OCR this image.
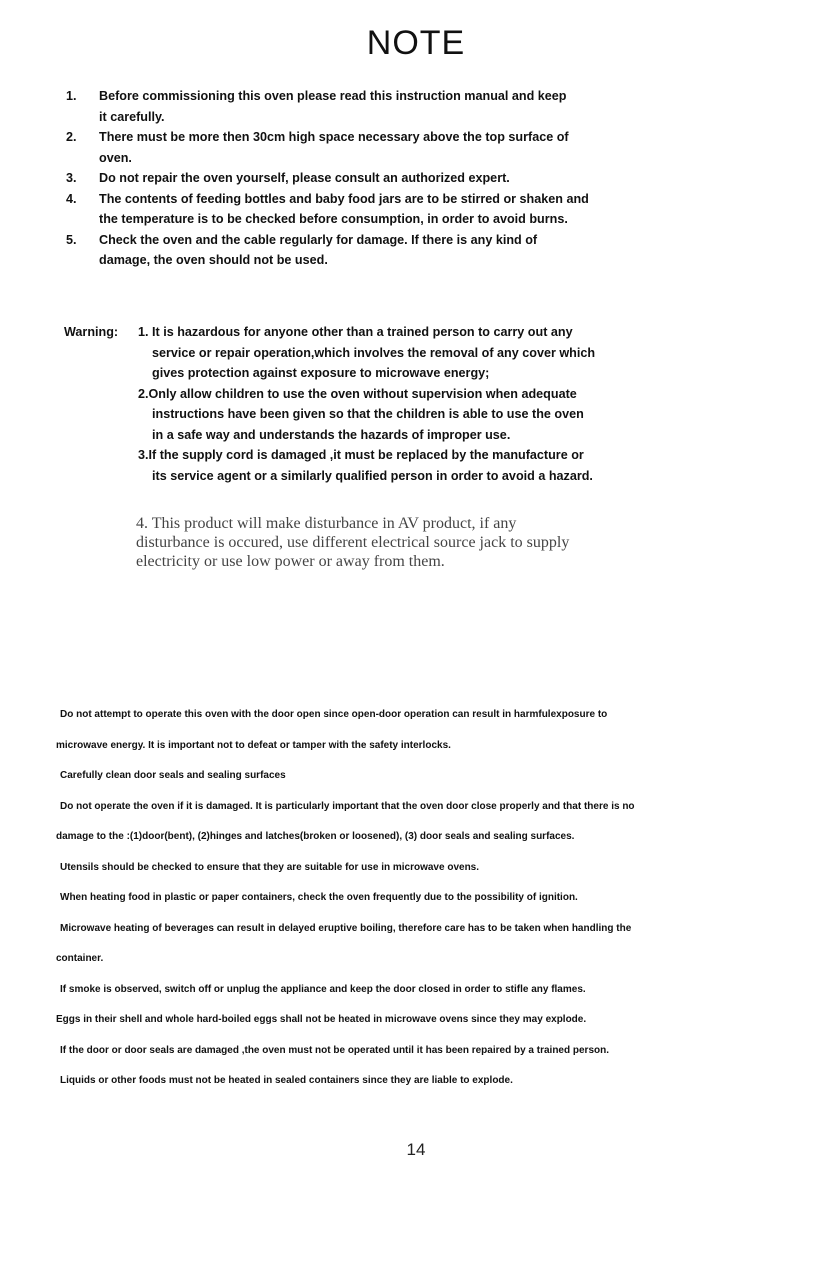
NOTE
1. Before commissioning this oven please read this instruction manual and keep
it carefully.
2. There must be more then 30cm high space necessary above the top surface of
oven.
3. Do not repair the oven yourself, please consult an authorized expert.
4. The contents of feeding bottles and baby food jars are to be stirred or shaken and
the temperature is to be checked before consumption, in order to avoid burns.
5. Check the oven and the cable regularly for damage. If there is any kind of
damage, the oven should not be used.
Warning: 1. It is hazardous for anyone other than a trained person to carry out any
service or repair operation,which involves the removal of any cover which
gives protection against exposure to microwave energy;
2.Only allow children to use the oven without supervision when adequate
instructions have been given so that the children is able to use the oven
in a safe way and understands the hazards of improper use.
3.If the supply cord is damaged ,it must be replaced by the manufacture or
its service agent or a similarly qualified person in order to avoid a hazard.
4. This product will make disturbance in AV product, if any
disturbance is occured, use different electrical source jack to supply
electricity or use low power or away from them.
Do not attempt to operate this oven with the door open since open-door operation can result in harmfulexposure to
microwave energy. It is important not to defeat or tamper with the safety interlocks.
Carefully clean door seals and sealing surfaces
Do not operate the oven if it is damaged. It is particularly important that the oven door close properly and that there is no
damage to the :(1)door(bent), (2)hinges and latches(broken or loosened), (3) door seals and sealing surfaces.
Utensils should be checked to ensure that they are suitable for use in microwave ovens.
When heating food in plastic or paper containers, check the oven frequently due to the possibility of ignition.
Microwave heating of beverages can result in delayed eruptive boiling, therefore care has to be taken when handling the
container.
If smoke is observed, switch off or unplug the appliance and keep the door closed in order to stifle any flames.
Eggs in their shell and whole hard-boiled eggs shall not be heated in microwave ovens since they may explode.
If the door or door seals are damaged ,the oven must not be operated until it has been repaired by a trained person.
Liquids or other foods must not be heated in sealed containers since they are liable to explode.
14
